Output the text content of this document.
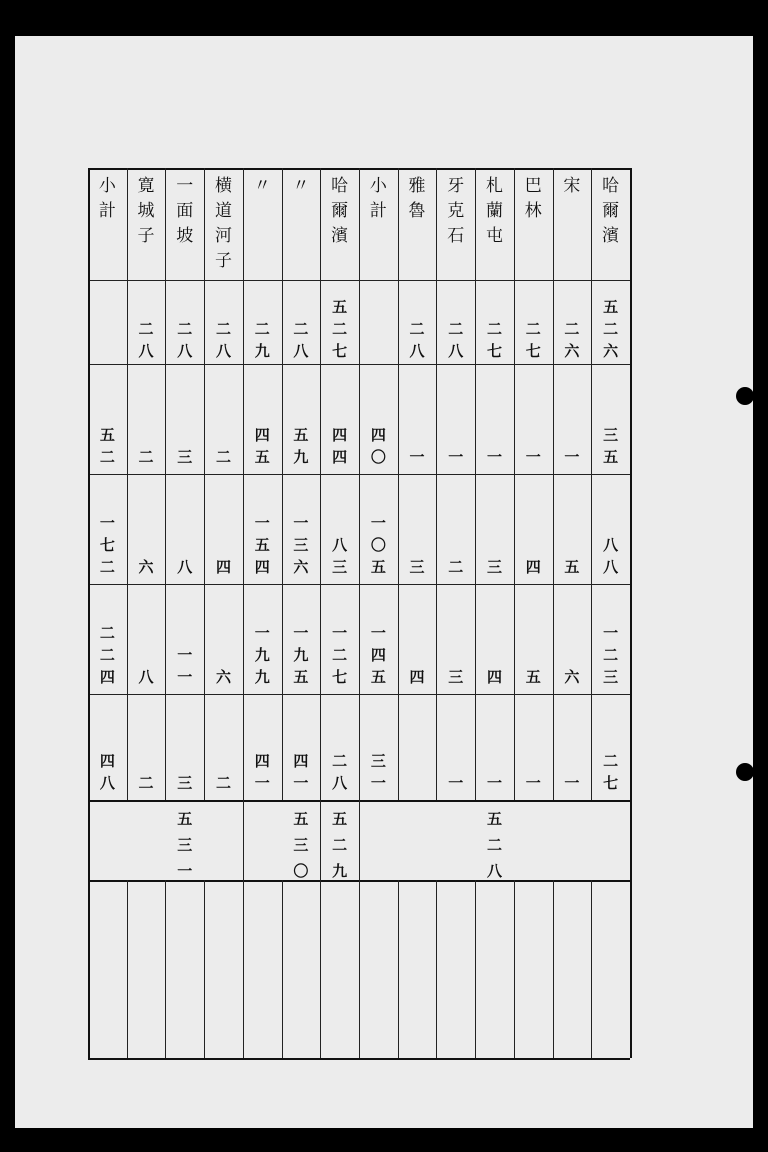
小
計
五
二
一
七
二
二
二
四
四
八
寛
城
子
二
八
二
六
八
二
一
面
坡
二
八
三
八
一
一
三
横
道
河
子
二
八
二
四
六
二
〃
二
九
四
五
一
五
四
一
九
九
四
一
〃
二
八
五
九
一
三
六
一
九
五
四
一
哈
爾
濱
五
二
七
四
四
八
三
一
二
七
二
八
小
計
四
〇
一
〇
五
一
四
五
三
一
雅
魯
二
八
一
三
四
牙
克
石
二
八
一
二
三
一
札
蘭
屯
二
七
一
三
四
一
巴
林
二
七
一
四
五
一
宋
二
六
一
五
六
一
哈
爾
濱
五
二
六
三
五
八
八
一
二
三
二
七
五
三
一
五
三
〇
五
二
九
五
二
八
